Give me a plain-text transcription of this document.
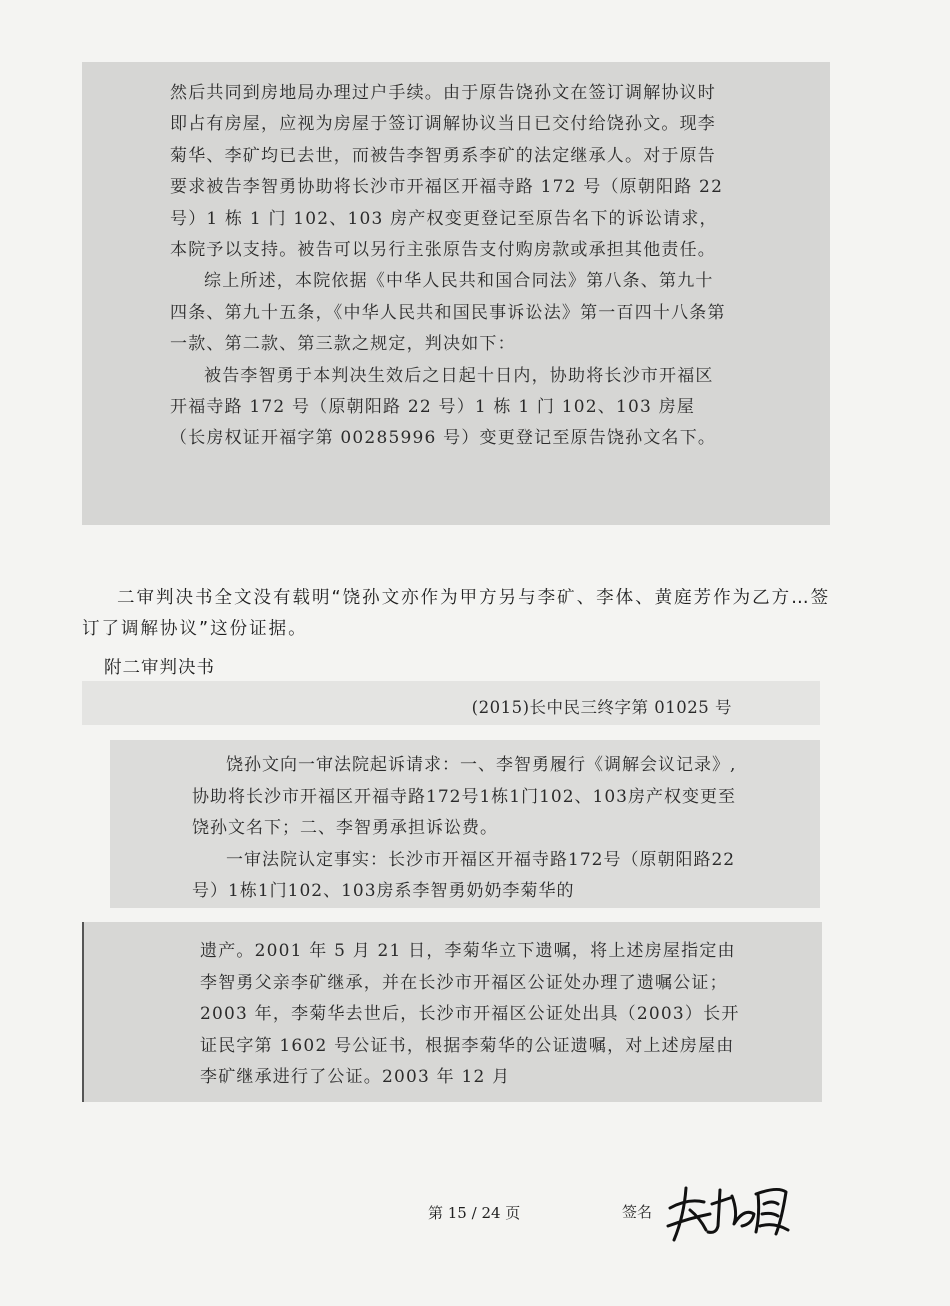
然后共同到房地局办理过户手续。由于原告饶孙文在签订调解协议时即占有房屋，应视为房屋于签订调解协议当日已交付给饶孙文。现李菊华、李矿均已去世，而被告李智勇系李矿的法定继承人。对于原告要求被告李智勇协助将长沙市开福区开福寺路 172 号（原朝阳路 22 号）1 栋 1 门 102、103 房产权变更登记至原告名下的诉讼请求，本院予以支持。被告可以另行主张原告支付购房款或承担其他责任。

综上所述，本院依据《中华人民共和国合同法》第八条、第九十四条、第九十五条，《中华人民共和国民事诉讼法》第一百四十八条第一款、第二款、第三款之规定，判决如下：

被告李智勇于本判决生效后之日起十日内，协助将长沙市开福区开福寺路 172 号（原朝阳路 22 号）1 栋 1 门 102、103 房屋（长房权证开福字第 00285996 号）变更登记至原告饶孙文名下。

二审判决书全文没有载明“饶孙文亦作为甲方另与李矿、李体、黄庭芳作为乙方…签订了调解协议”这份证据。

附二审判决书
(2015)长中民三终字第 01025 号

饶孙文向一审法院起诉请求：一、李智勇履行《调解会议记录》,协助将长沙市开福区开福寺路172号1栋1门102、103房产权变更至饶孙文名下；二、李智勇承担诉讼费。

一审法院认定事实：长沙市开福区开福寺路172号（原朝阳路22号）1栋1门102、103房系李智勇奶奶李菊华的

遗产。2001 年 5 月 21 日，李菊华立下遗嘱，将上述房屋指定由李智勇父亲李矿继承，并在长沙市开福区公证处办理了遗嘱公证；2003 年，李菊华去世后，长沙市开福区公证处出具（2003）长开证民字第 1602 号公证书，根据李菊华的公证遗嘱，对上述房屋由李矿继承进行了公证。2003 年 12 月

第 15 / 24 页	签名
